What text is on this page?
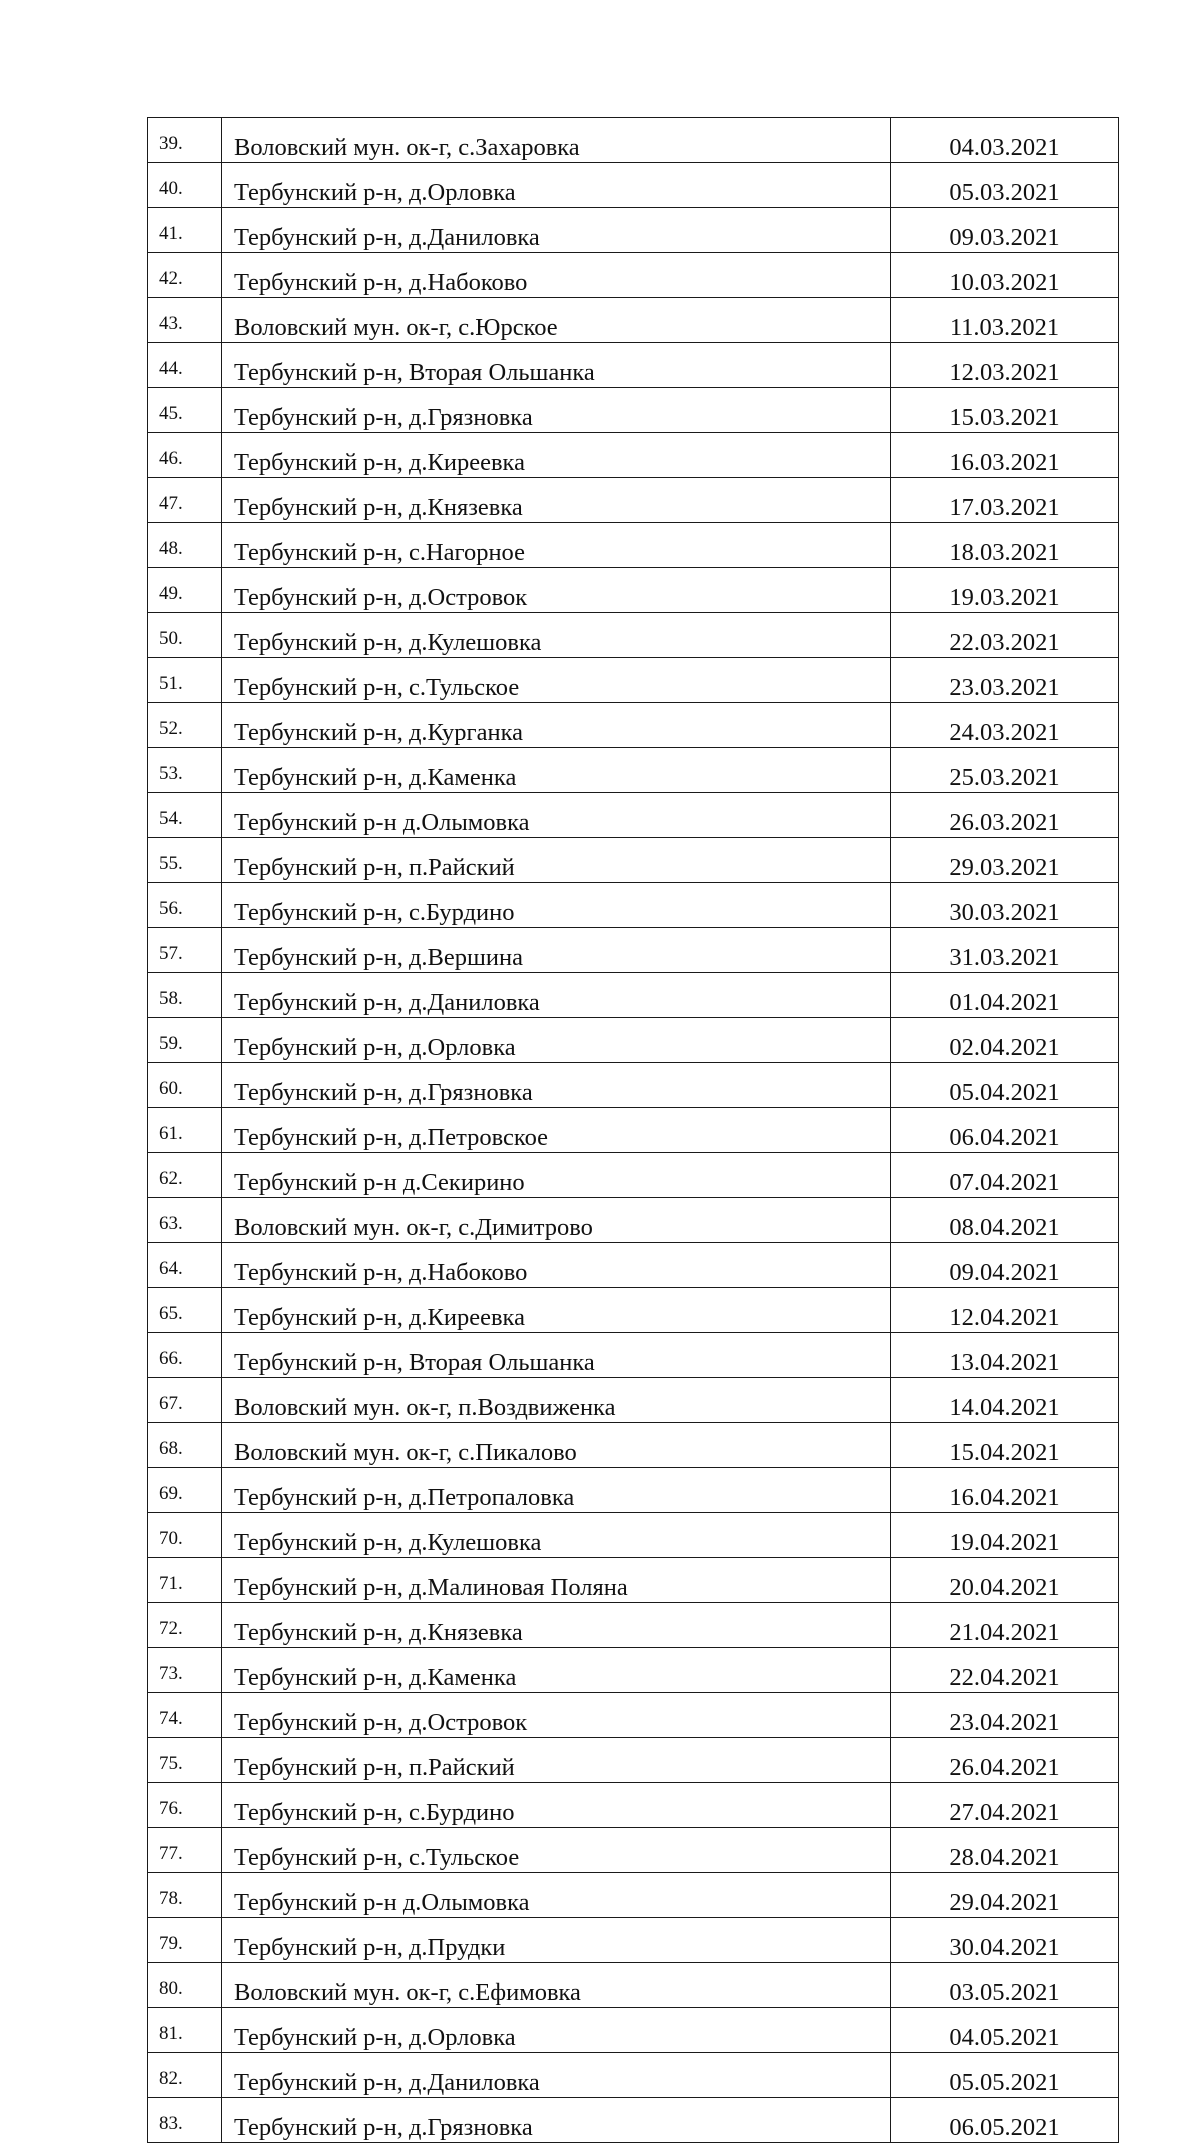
39.	Воловский мун. ок-г, с.Захаровка	04.03.2021
40.	Тербунский р-н, д.Орловка	05.03.2021
41.	Тербунский р-н, д.Даниловка	09.03.2021
42.	Тербунский р-н, д.Набоково	10.03.2021
43.	Воловский мун. ок-г, с.Юрское	11.03.2021
44.	Тербунский р-н, Вторая Ольшанка	12.03.2021
45.	Тербунский р-н, д.Грязновка	15.03.2021
46.	Тербунский р-н, д.Киреевка	16.03.2021
47.	Тербунский р-н, д.Князевка	17.03.2021
48.	Тербунский р-н, с.Нагорное	18.03.2021
49.	Тербунский р-н, д.Островок	19.03.2021
50.	Тербунский р-н, д.Кулешовка	22.03.2021
51.	Тербунский р-н, с.Тульское	23.03.2021
52.	Тербунский р-н, д.Курганка	24.03.2021
53.	Тербунский р-н, д.Каменка	25.03.2021
54.	Тербунский р-н д.Олымовка	26.03.2021
55.	Тербунский р-н, п.Райский	29.03.2021
56.	Тербунский р-н, с.Бурдино	30.03.2021
57.	Тербунский р-н, д.Вершина	31.03.2021
58.	Тербунский р-н, д.Даниловка	01.04.2021
59.	Тербунский р-н, д.Орловка	02.04.2021
60.	Тербунский р-н, д.Грязновка	05.04.2021
61.	Тербунский р-н, д.Петровское	06.04.2021
62.	Тербунский р-н д.Секирино	07.04.2021
63.	Воловский мун. ок-г, с.Димитрово	08.04.2021
64.	Тербунский р-н, д.Набоково	09.04.2021
65.	Тербунский р-н, д.Киреевка	12.04.2021
66.	Тербунский р-н, Вторая Ольшанка	13.04.2021
67.	Воловский мун. ок-г, п.Воздвиженка	14.04.2021
68.	Воловский мун. ок-г, с.Пикалово	15.04.2021
69.	Тербунский р-н, д.Петропаловка	16.04.2021
70.	Тербунский р-н, д.Кулешовка	19.04.2021
71.	Тербунский р-н, д.Малиновая Поляна	20.04.2021
72.	Тербунский р-н, д.Князевка	21.04.2021
73.	Тербунский р-н, д.Каменка	22.04.2021
74.	Тербунский р-н, д.Островок	23.04.2021
75.	Тербунский р-н, п.Райский	26.04.2021
76.	Тербунский р-н, с.Бурдино	27.04.2021
77.	Тербунский р-н, с.Тульское	28.04.2021
78.	Тербунский р-н д.Олымовка	29.04.2021
79.	Тербунский р-н, д.Прудки	30.04.2021
80.	Воловский мун. ок-г, с.Ефимовка	03.05.2021
81.	Тербунский р-н, д.Орловка	04.05.2021
82.	Тербунский р-н, д.Даниловка	05.05.2021
83.	Тербунский р-н, д.Грязновка	06.05.2021
